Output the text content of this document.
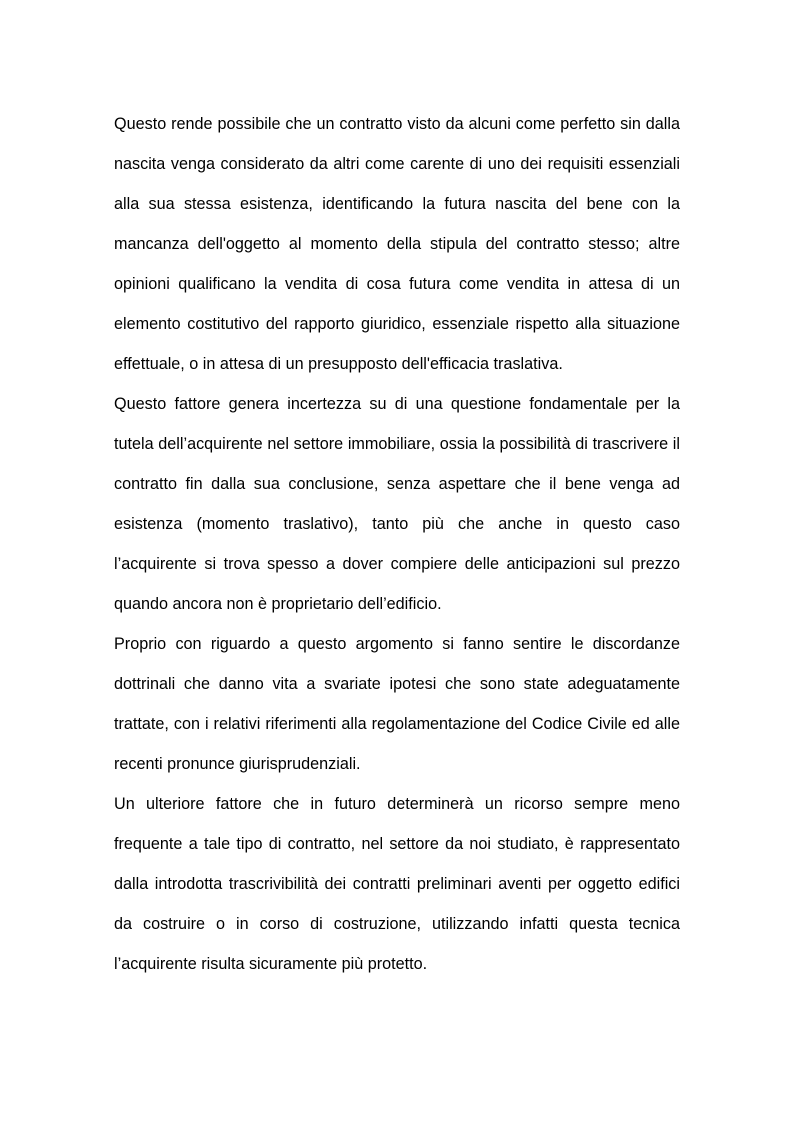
Questo rende possibile che un contratto visto da alcuni come perfetto sin dalla nascita venga considerato da altri come carente di uno dei requisiti essenziali alla sua stessa esistenza, identificando la futura nascita del bene con la mancanza dell'oggetto al momento della stipula del contratto stesso; altre opinioni qualificano la vendita di cosa futura come vendita in attesa di un elemento costitutivo del rapporto giuridico, essenziale rispetto alla situazione effettuale, o in attesa di un presupposto dell'efficacia traslativa.

Questo fattore genera incertezza su di una questione fondamentale per la tutela dell’acquirente nel settore immobiliare, ossia la possibilità di trascrivere il contratto fin dalla sua conclusione, senza aspettare che il bene venga ad esistenza (momento traslativo), tanto più che anche in questo caso l’acquirente si trova spesso a dover compiere delle anticipazioni sul prezzo quando ancora non è proprietario dell’edificio.

Proprio con riguardo a questo argomento si fanno sentire le discordanze dottrinali che danno vita a svariate ipotesi che sono state adeguatamente trattate, con i relativi riferimenti alla regolamentazione del Codice Civile ed alle recenti pronunce giurisprudenziali.

Un ulteriore fattore che in futuro determinerà un ricorso sempre meno frequente a tale tipo di contratto, nel settore da noi studiato, è rappresentato dalla introdotta trascrivibilità dei contratti preliminari aventi per oggetto edifici da costruire o in corso di costruzione, utilizzando infatti questa tecnica l’acquirente risulta sicuramente più protetto.
